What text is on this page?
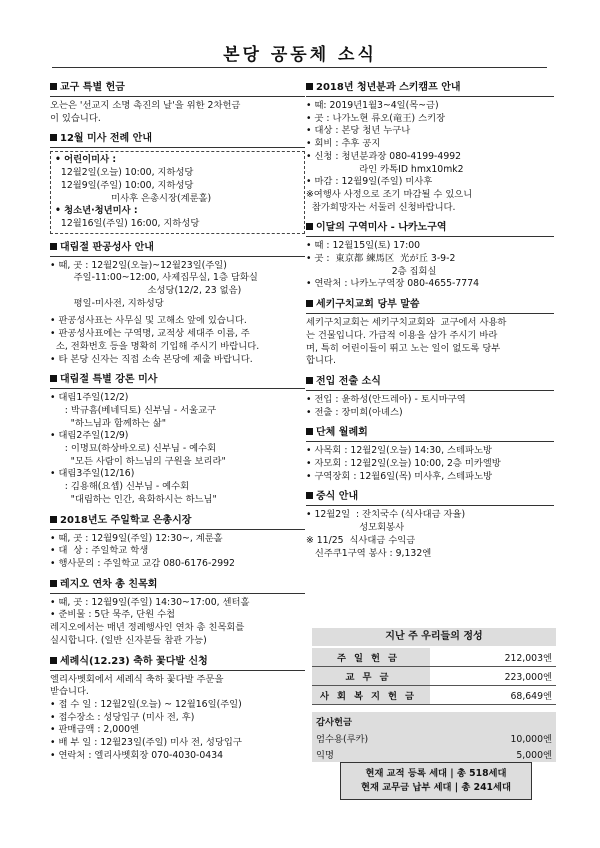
본당 공동체 소식
교구 특별 헌금
오는은 '선교지 소명 촉진의 날'을 위한 2차헌금
이 있습니다.
12월 미사 전례 안내
• 어린이미사 :
12월2일(오늘) 10:00, 지하성당
12월9일(주일) 10:00, 지하성당
미사후 은총시장(계룬홀)
• 청소년·청년미사 :
12월16일(주일) 16:00, 지하성당
대림절 판공성사 안내
• 때, 곳 : 12월2일(오늘)~12월23일(주일)
주일-11:00~12:00, 사제집무실, 1층 담화실
소성당(12/2, 23 없음)
평일-미사전, 지하성당

• 판공성사표는 사무실 및 고해소 앞에 있습니다.
• 판공성사표에는 구역명, 교적상 세대주 이름, 주
소, 전화번호 등을 명확히 기입해 주시기 바랍니다.
• 타 본당 신자는 직접 소속 본당에 제출 바랍니다.
대림절 특별 강론 미사
• 대림1주일(12/2)
: 박규흠(베네딕토) 신부님 - 서울교구
"하느님과 함께하는 삶"
• 대림2주일(12/9)
: 이명묘(하상바오로) 신부님 - 예수회
"모든 사람이 하느님의 구원을 보리라"
• 대림3주일(12/16)
: 김용해(요셉) 신부님 - 예수회
"대림하는 인간, 육화하시는 하느님"
2018년도 주일학교 은총시장
• 때, 곳 : 12월9일(주일) 12:30~, 계룬홀
• 대  상 : 주일학교 학생
• 행사문의 : 주일학교 교감 080-6176-2992
레지오 연차 총 친목회
• 때, 곳 : 12월9일(주일) 14:30~17:00, 센터홀
• 준비물 : 5단 묵주, 단원 수첩
레지오에서는 매년 정례행사인 연차 총 친목회를
실시합니다. (일반 신자분들 참관 가능)
세례식(12.23) 축하 꽃다발 신청
엘리사벳회에서 세례식 축하 꽃다발 주문을
받습니다.
• 접 수 일 : 12월2일(오늘) ~ 12월16일(주일)
• 접수장소 : 성당입구 (미사 전, 후)
• 판매금액 : 2,000엔
• 배 부 일 : 12월23일(주일) 미사 전, 성당입구
• 연락처 : 엘리사벳회장 070-4030-0434
2018년 청년분과 스키캠프 안내
• 때: 2019년1월3~4일(목~금)
• 곳 : 나가노현 류오(竜王) 스키장
• 대상 : 본당 청년 누구나
• 회비 : 추후 공지
• 신청 : 청년분과장 080-4199-4992
라인 카톡ID hmx10mk2
• 마감 : 12월9일(주일) 미사후
※여행사 사정으로 조기 마감될 수 있으니
참가희망자는 서둘러 신청바랍니다.
이달의 구역미사 - 나카노구역
• 때 : 12월15일(토) 17:00
• 곳 :  東京都 練馬区  光が丘 3-9-2
2층 집회실
• 연락처 : 나카노구역장 080-4655-7774
세키구치교회 당부 말씀
세키구치교회는 세키구치교회와  교구에서 사용하
는 건물입니다. 가급적 이용을 삼가 주시기 바라
며, 특히 어린이들이 뛰고 노는 일이 없도록 당부
합니다.
전입 전출 소식
• 전입 : 윤하성(안드레아) - 토시마구역
• 전출 : 장미희(아녜스)
단체 월례회
• 사목회 : 12월2일(오늘) 14:30, 스테파노방
• 자모회 : 12월2일(오늘) 10:00, 2층 미카엘방
• 구역장회 : 12월6일(목) 미사후, 스테파노방
중식 안내
• 12월2일  : 잔치국수 (식사대금 자율)
성모회봉사
※ 11/25  식사대금 수익금
신주쿠1구역 봉사 : 9,132엔
지난 주 우리들의 정성
주일헌금	212,003엔
교무금	223,000엔
사회복지헌금	68,649엔
감사헌금
엄수용(루카)	10,000엔
익명	5,000엔
현재 교적 등록 세대 | 총 518세대
현재 교무금 납부 세대 | 총 241세대
